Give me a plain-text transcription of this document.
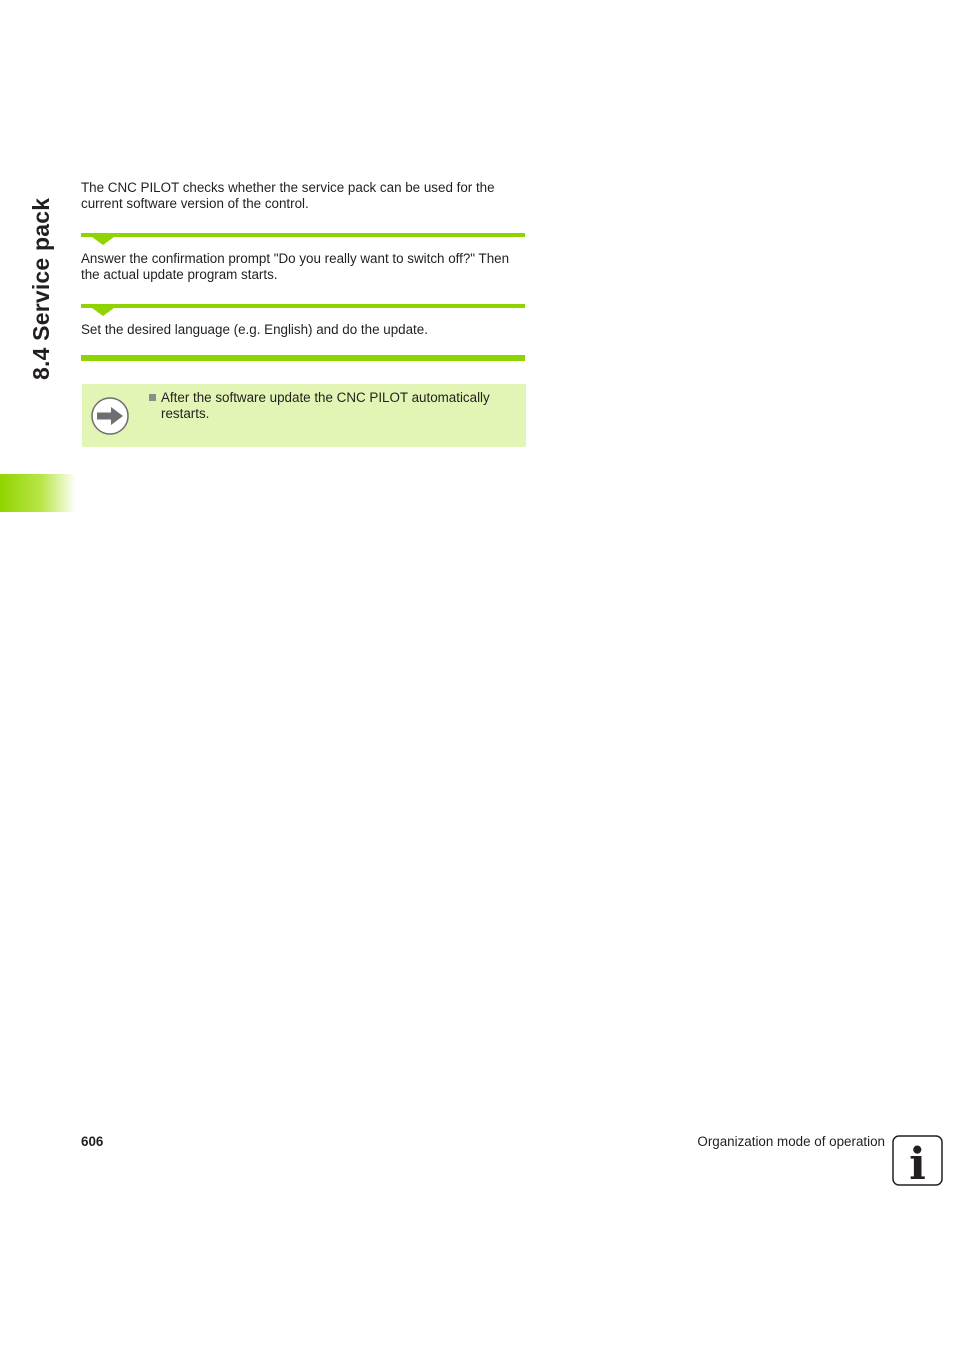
8.4 Service pack
The CNC PILOT checks whether the service pack can be used for the current software version of the control.
Answer the confirmation prompt "Do you really want to switch off?" Then the actual update program starts.
Set the desired language (e.g. English) and do the update.
After the software update the CNC PILOT automatically restarts.
606	Organization mode of operation i
